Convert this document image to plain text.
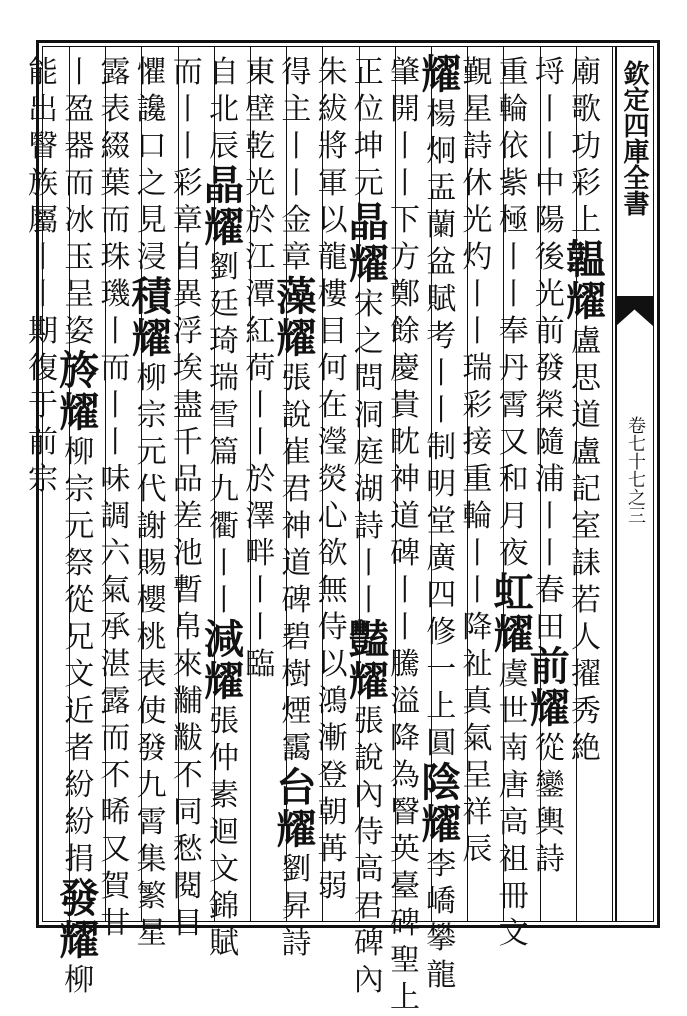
欽定四庫全書
卷七十七之三
廟
歌
功
彩
上
韞
耀
盧
思
道
盧
記
室
誄
若
人
擢
秀
絶
埒
丨
丨
中
陽
後
光
前
發
榮
隨
浦
丨
丨
春
田
前
耀
從
鑾
輿
詩
重
輪
依
紫
極
丨
丨
奉
丹
霄
又
和
月
夜
虹
耀
虞
世
南
唐
高
祖
冊
文
覲
星
詩
休
光
灼
丨
丨
瑞
彩
接
重
輪
丨
丨
降
祉
真
氣
呈
祥
辰
耀
楊
炯
盂
蘭
盆
賦
考
丨
丨
制
明
堂
廣
四
修
一
上
圓
陰
耀
李
嶠
攀
龍
肇
開
丨
丨
下
方
鄭
餘
慶
貴
眈
神
道
碑
丨
丨
騰
溢
降
為
瞖
英
臺
碑
聖
上
正
位
坤
元
晶
耀
宋
之
問
洞
庭
湖
詩
丨
丨
豔
耀
張
說
內
侍
高
君
碑
內
朱
紱
將
軍
以
龍
樓
目
何
在
瀅
熒
心
欲
無
侍
以
鴻
漸
登
朝
苒
弱
得
主
丨
丨
金
章
藻
耀
張
說
崔
君
神
道
碑
碧
樹
煙
靄
台
耀
劉
昇
詩
東
壁
乾
光
於
江
潭
紅
荷
丨
丨
於
澤
畔
丨
丨
臨
自
北
辰
晶
耀
劉
廷
琦
瑞
雪
篇
九
衢
丨
丨
減
耀
張
仲
素
迴
文
錦
賦
而
丨
丨
彩
章
自
異
浮
埃
盡
千
品
差
池
暫
帛
來
黼
黻
不
同
愁
閱
目
懼
讒
口
之
見
浸
積
耀
柳
宗
元
代
謝
賜
櫻
桃
表
使
發
九
霄
集
繁
星
露
表
綴
葉
而
珠
璣
丨
而
丨
丨
味
調
六
氣
承
湛
露
而
不
晞
又
賀
甘
丨
盈
器
而
冰
玉
呈
姿
旍
耀
柳
宗
元
祭
從
兄
文
近
者
紛
紛
捐
發
耀
柳
能
出
瞖
族
屬
丨
丨
期
復
于
前
宗
